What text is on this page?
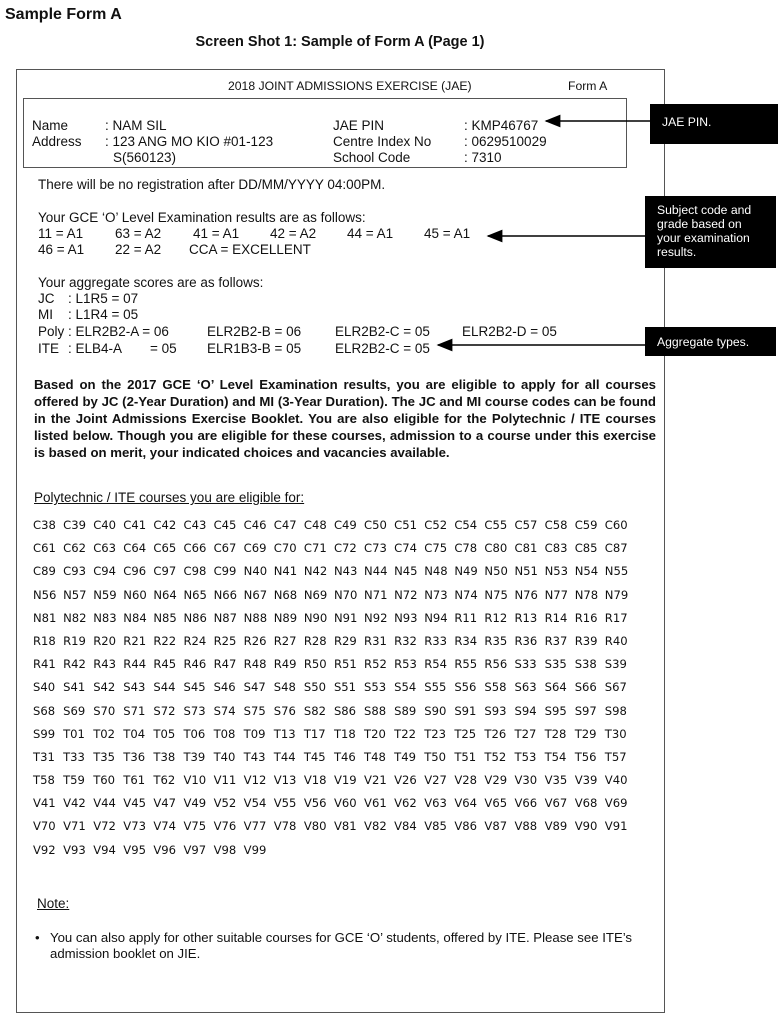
Sample Form A
Screen Shot 1: Sample of Form A (Page 1)
2018 JOINT ADMISSIONS EXERCISE (JAE)	Form A
Name	: NAM SIL
Address : 123 ANG MO KIO #01-123
S(560123)
JAE PIN	: KMP46767
Centre Index No : 0629510029
School Code	: 7310
There will be no registration after DD/MM/YYYY 04:00PM.
Your GCE ‘O’ Level Examination results are as follows:
11 = A1 63 = A2 41 = A1 42 = A2 44 = A1 45 = A1
46 = A1 22 = A2 CCA = EXCELLENT
Your aggregate scores are as follows:
JC : L1R5 = 07
MI : L1R4 = 05
Poly : ELR2B2-A = 06	ELR2B2-B = 06	ELR2B2-C = 05 ELR2B2-D = 05
ITE : ELB4-A = 05 ELR1B3-B = 05	ELR2B2-C = 05
Based on the 2017 GCE ‘O’ Level Examination results, you are eligible to apply for all courses offered by JC (2-Year Duration) and MI (3-Year Duration). The JC and MI course codes can be found in the Joint Admissions Exercise Booklet. You are also eligible for the Polytechnic / ITE courses listed below. Though you are eligible for these courses, admission to a course under this exercise is based on merit, your indicated choices and vacancies available.
Polytechnic / ITE courses you are eligible for:
C38 C39 C40 C41 C42 C43 C45 C46 C47 C48 C49 C50 C51 C52 C54 C55 C57 C58 C59 C60
C61 C62 C63 C64 C65 C66 C67 C69 C70 C71 C72 C73 C74 C75 C78 C80 C81 C83 C85 C87
C89 C93 C94 C96 C97 C98 C99 N40 N41 N42 N43 N44 N45 N48 N49 N50 N51 N53 N54 N55
N56 N57 N59 N60 N64 N65 N66 N67 N68 N69 N70 N71 N72 N73 N74 N75 N76 N77 N78 N79
N81 N82 N83 N84 N85 N86 N87 N88 N89 N90 N91 N92 N93 N94 R11 R12 R13 R14 R16 R17
R18 R19 R20 R21 R22 R24 R25 R26 R27 R28 R29 R31 R32 R33 R34 R35 R36 R37 R39 R40
R41 R42 R43 R44 R45 R46 R47 R48 R49 R50 R51 R52 R53 R54 R55 R56 S33 S35 S38 S39
S40 S41 S42 S43 S44 S45 S46 S47 S48 S50 S51 S53 S54 S55 S56 S58 S63 S64 S66 S67
S68 S69 S70 S71 S72 S73 S74 S75 S76 S82 S86 S88 S89 S90 S91 S93 S94 S95 S97 S98
S99 T01 T02 T04 T05 T06 T08 T09 T13 T17 T18 T20 T22 T23 T25 T26 T27 T28 T29 T30
T31 T33 T35 T36 T38 T39 T40 T43 T44 T45 T46 T48 T49 T50 T51 T52 T53 T54 T56 T57
T58 T59 T60 T61 T62 V10 V11 V12 V13 V18 V19 V21 V26 V27 V28 V29 V30 V35 V39 V40
V41 V42 V44 V45 V47 V49 V52 V54 V55 V56 V60 V61 V62 V63 V64 V65 V66 V67 V68 V69
V70 V71 V72 V73 V74 V75 V76 V77 V78 V80 V81 V82 V84 V85 V86 V87 V88 V89 V90 V91
V92 V93 V94 V95 V96 V97 V98 V99
Note:
• You can also apply for other suitable courses for GCE ‘O’ students, offered by ITE. Please see ITE’s admission booklet on JIE.
JAE PIN.
Subject code and grade based on your examination results.
Aggregate types.
